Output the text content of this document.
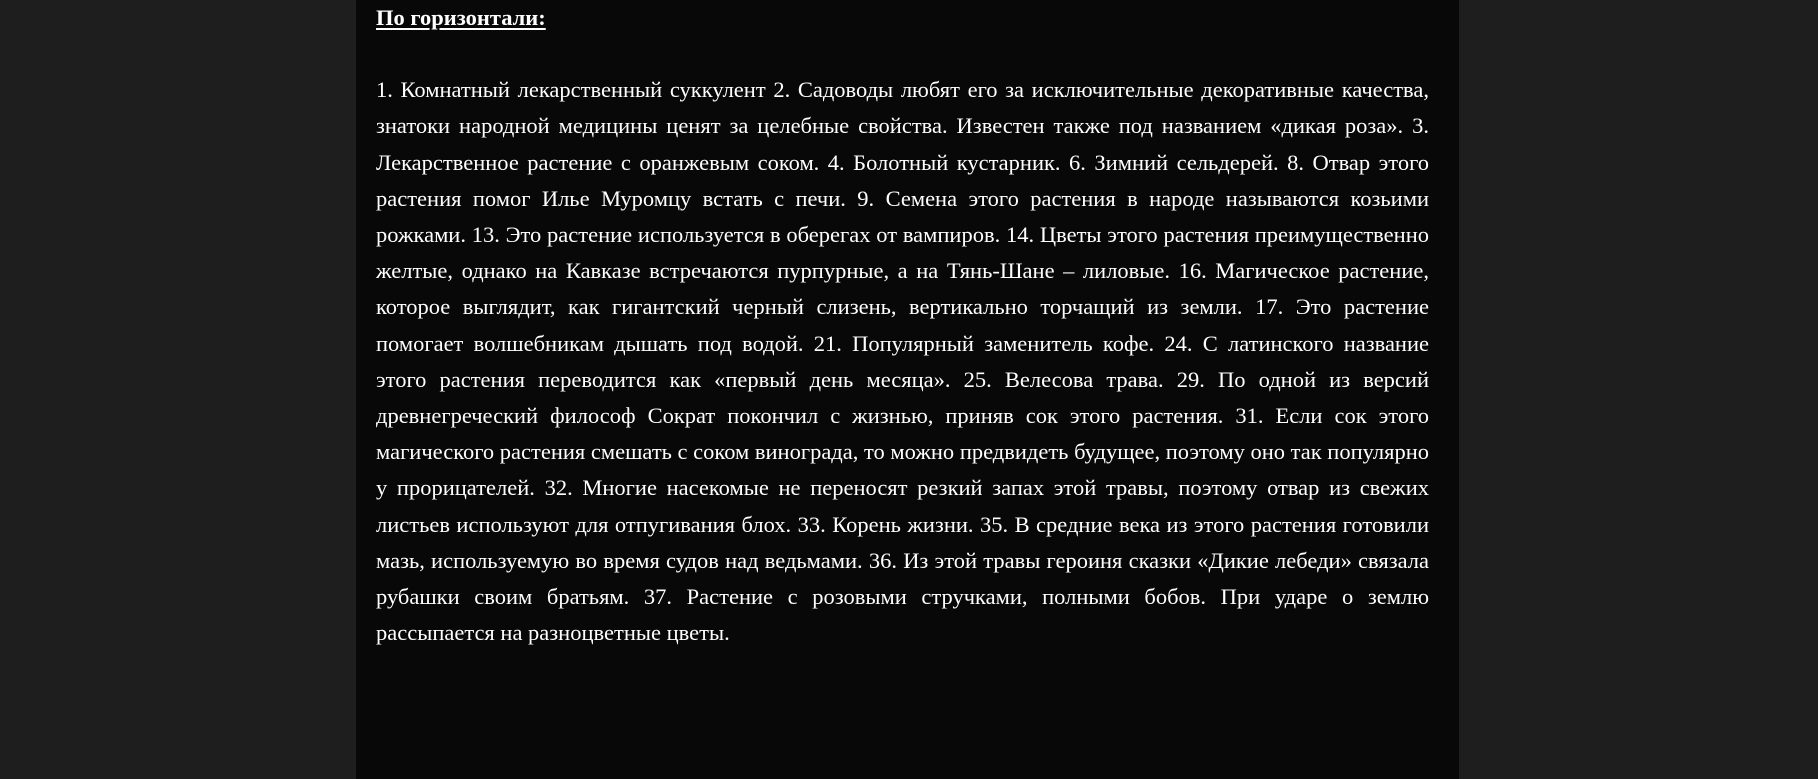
По горизонтали:

1. Комнатный лекарственный суккулент 2. Садоводы любят его за исключительные декоративные качества, знатоки народной медицины ценят за целебные свойства. Известен также под названием «дикая роза». 3. Лекарственное растение с оранжевым соком. 4. Болотный кустарник. 6. Зимний сельдерей. 8. Отвар этого растения помог Илье Муромцу встать с печи. 9. Семена этого растения в народе называются козьими рожками. 13. Это растение используется в оберегах от вампиров. 14. Цветы этого растения преимущественно желтые, однако на Кавказе встречаются пурпурные, а на Тянь-Шане – лиловые. 16. Магическое растение, которое выглядит, как гигантский черный слизень, вертикально торчащий из земли. 17. Это растение помогает волшебникам дышать под водой. 21. Популярный заменитель кофе. 24. С латинского название этого растения переводится как «первый день месяца». 25. Велесова трава. 29. По одной из версий древнегреческий философ Сократ покончил с жизнью, приняв сок этого растения. 31. Если сок этого магического растения смешать с соком винограда, то можно предвидеть будущее, поэтому оно так популярно у прорицателей. 32. Многие насекомые не переносят резкий запах этой травы, поэтому отвар из свежих листьев используют для отпугивания блох. 33. Корень жизни. 35. В средние века из этого растения готовили мазь, используемую во время судов над ведьмами. 36. Из этой травы героиня сказки «Дикие лебеди» связала рубашки своим братьям. 37. Растение с розовыми стручками, полными бобов. При ударе о землю рассыпается на разноцветные цветы.
